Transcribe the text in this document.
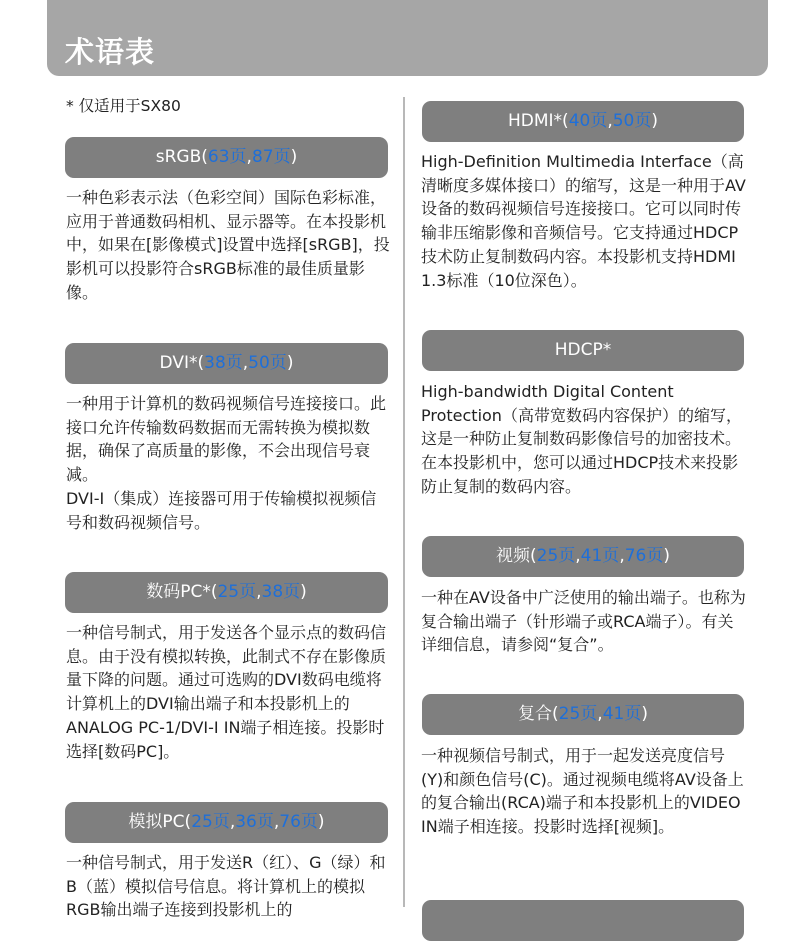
术语表
* 仅适用于SX80
sRGB(63页,87页)

一种色彩表示法（色彩空间）国际色彩标准，应用于普通数码相机、显示器等。在本投影机中，如果在[影像模式]设置中选择[sRGB]，投影机可以投影符合sRGB标准的最佳质量影像。

DVI*(38页,50页)

一种用于计算机的数码视频信号连接接口。此接口允许传输数码数据而无需转换为模拟数据，确保了高质量的影像，不会出现信号衰减。

DVI-I（集成）连接器可用于传输模拟视频信号和数码视频信号。

数码PC*(25页,38页)

一种信号制式，用于发送各个显示点的数码信息。由于没有模拟转换，此制式不存在影像质量下降的问题。通过可选购的DVI数码电缆将计算机上的DVI输出端子和本投影机上的ANALOG PC-1/DVI-I IN端子相连接。投影时选择[数码PC]。

模拟PC(25页,36页,76页)

一种信号制式，用于发送R（红）、G（绿）和B（蓝）模拟信号信息。将计算机上的模拟RGB输出端子连接到投影机上的

HDMI*(40页,50页)

High-Definition Multimedia Interface（高清晰度多媒体接口）的缩写，这是一种用于AV设备的数码视频信号连接接口。它可以同时传输非压缩影像和音频信号。它支持通过HDCP技术防止复制数码内容。本投影机支持HDMI 1.3标准（10位深色）。

HDCP*

High-bandwidth Digital Content Protection（高带宽数码内容保护）的缩写，这是一种防止复制数码影像信号的加密技术。在本投影机中，您可以通过HDCP技术来投影防止复制的数码内容。

视频(25页,41页,76页)

一种在AV设备中广泛使用的输出端子。也称为复合输出端子（针形端子或RCA端子）。有关详细信息，请参阅“复合”。

复合(25页,41页)

一种视频信号制式，用于一起发送亮度信号(Y)和颜色信号(C)。通过视频电缆将AV设备上的复合输出(RCA)端子和本投影机上的VIDEO IN端子相连接。投影时选择[视频]。
